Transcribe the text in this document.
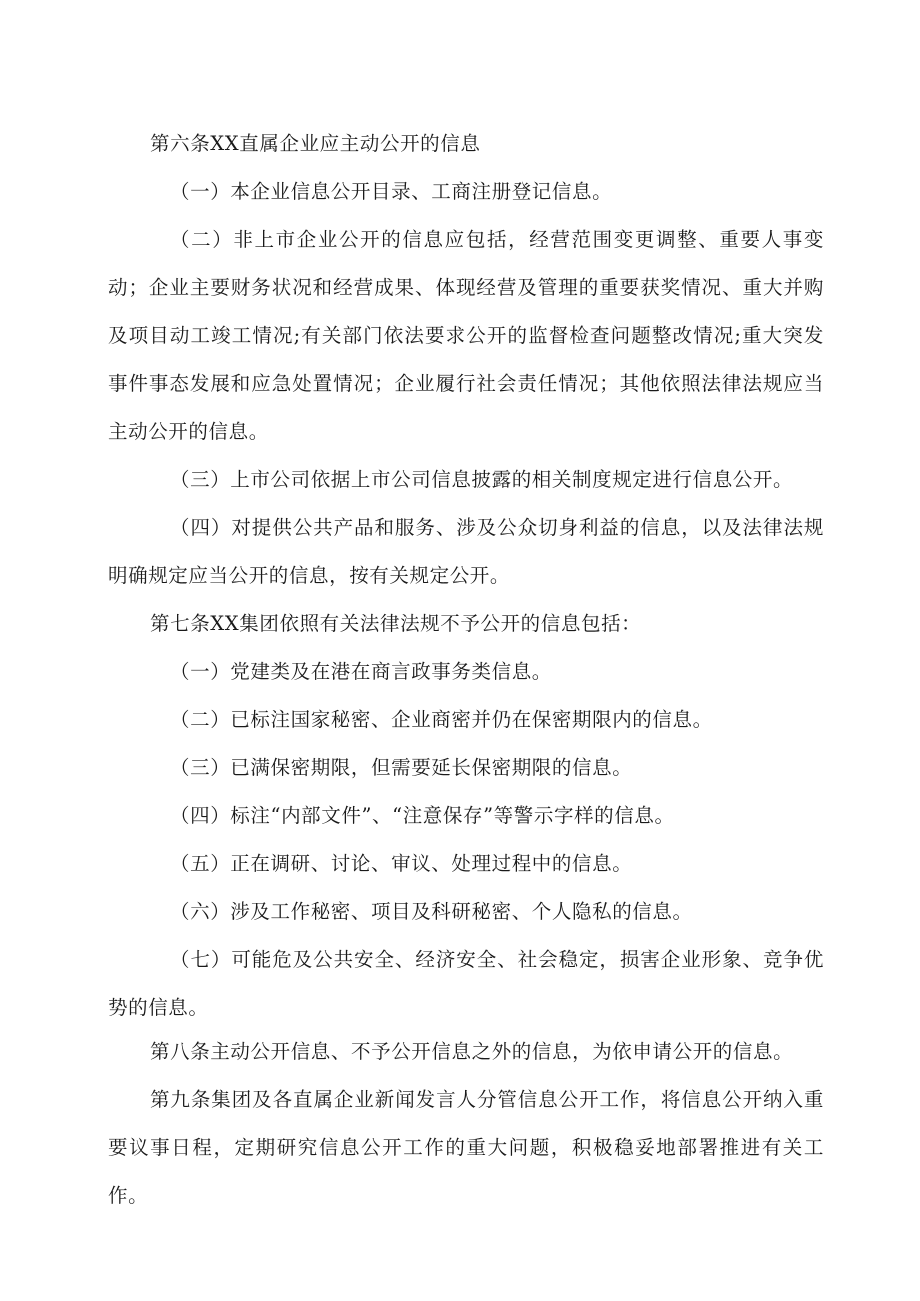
第六条XX直属企业应主动公开的信息

（一）本企业信息公开目录、工商注册登记信息。

（二）非上市企业公开的信息应包括，经营范围变更调整、重要人事变动；企业主要财务状况和经营成果、体现经营及管理的重要获奖情况、重大并购及项目动工竣工情况;有关部门依法要求公开的监督检查问题整改情况;重大突发事件事态发展和应急处置情况；企业履行社会责任情况；其他依照法律法规应当主动公开的信息。

（三）上市公司依据上市公司信息披露的相关制度规定进行信息公开。

（四）对提供公共产品和服务、涉及公众切身利益的信息，以及法律法规明确规定应当公开的信息，按有关规定公开。

第七条XX集团依照有关法律法规不予公开的信息包括：

（一）党建类及在港在商言政事务类信息。

（二）已标注国家秘密、企业商密并仍在保密期限内的信息。

（三）已满保密期限，但需要延长保密期限的信息。

（四）标注“内部文件”、“注意保存”等警示字样的信息。

（五）正在调研、讨论、审议、处理过程中的信息。

（六）涉及工作秘密、项目及科研秘密、个人隐私的信息。

（七）可能危及公共安全、经济安全、社会稳定，损害企业形象、竞争优势的信息。

第八条主动公开信息、不予公开信息之外的信息，为依申请公开的信息。

第九条集团及各直属企业新闻发言人分管信息公开工作，将信息公开纳入重要议事日程，定期研究信息公开工作的重大问题，积极稳妥地部署推进有关工作。
